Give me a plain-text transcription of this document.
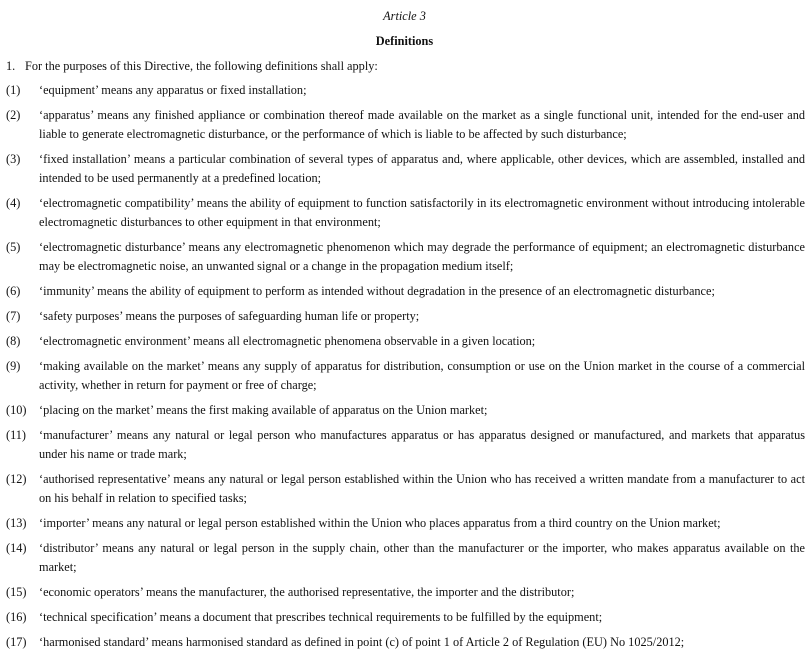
Article 3
Definitions
1. For the purposes of this Directive, the following definitions shall apply:
(1) ‘equipment’ means any apparatus or fixed installation;
(2) ‘apparatus’ means any finished appliance or combination thereof made available on the market as a single functional unit, intended for the end-user and liable to generate electromagnetic disturbance, or the performance of which is liable to be affected by such disturbance;
(3) ‘fixed installation’ means a particular combination of several types of apparatus and, where applicable, other devices, which are assembled, installed and intended to be used permanently at a predefined location;
(4) ‘electromagnetic compatibility’ means the ability of equipment to function satisfactorily in its electromagnetic environment without introducing intolerable electromagnetic disturbances to other equipment in that environment;
(5) ‘electromagnetic disturbance’ means any electromagnetic phenomenon which may degrade the performance of equipment; an electromagnetic disturbance may be electromagnetic noise, an unwanted signal or a change in the propagation medium itself;
(6) ‘immunity’ means the ability of equipment to perform as intended without degradation in the presence of an electromagnetic disturbance;
(7) ‘safety purposes’ means the purposes of safeguarding human life or property;
(8) ‘electromagnetic environment’ means all electromagnetic phenomena observable in a given location;
(9) ‘making available on the market’ means any supply of apparatus for distribution, consumption or use on the Union market in the course of a commercial activity, whether in return for payment or free of charge;
(10) ‘placing on the market’ means the first making available of apparatus on the Union market;
(11) ‘manufacturer’ means any natural or legal person who manufactures apparatus or has apparatus designed or manufactured, and markets that apparatus under his name or trade mark;
(12) ‘authorised representative’ means any natural or legal person established within the Union who has received a written mandate from a manufacturer to act on his behalf in relation to specified tasks;
(13) ‘importer’ means any natural or legal person established within the Union who places apparatus from a third country on the Union market;
(14) ‘distributor’ means any natural or legal person in the supply chain, other than the manufacturer or the importer, who makes apparatus available on the market;
(15) ‘economic operators’ means the manufacturer, the authorised representative, the importer and the distributor;
(16) ‘technical specification’ means a document that prescribes technical requirements to be fulfilled by the equipment;
(17) ‘harmonised standard’ means harmonised standard as defined in point (c) of point 1 of Article 2 of Regulation (EU) No 1025/2012;
